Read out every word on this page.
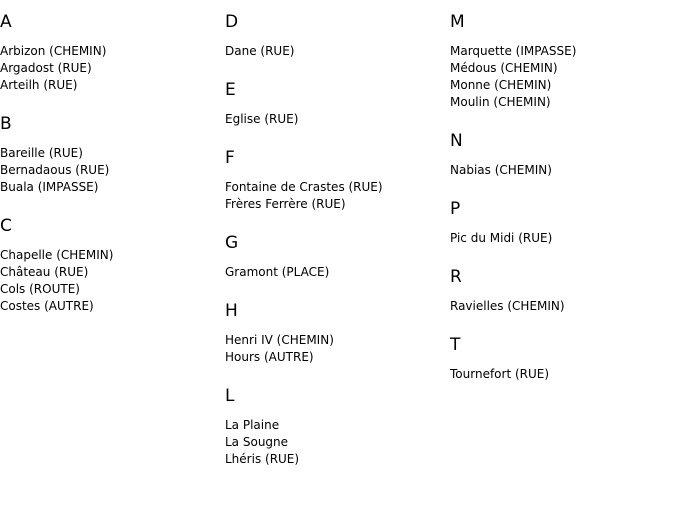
A
Arbizon (CHEMIN)
Argadost (RUE)
Arteilh (RUE)
B
Bareille (RUE)
Bernadaous (RUE)
Buala (IMPASSE)
C
Chapelle (CHEMIN)
Château (RUE)
Cols (ROUTE)
Costes (AUTRE)
D
Dane (RUE)
E
Eglise (RUE)
F
Fontaine de Crastes (RUE)
Frères Ferrère (RUE)
G
Gramont (PLACE)
H
Henri IV (CHEMIN)
Hours (AUTRE)
L
La Plaine
La Sougne
Lhéris (RUE)
M
Marquette (IMPASSE)
Médous (CHEMIN)
Monne (CHEMIN)
Moulin (CHEMIN)
N
Nabias (CHEMIN)
P
Pic du Midi (RUE)
R
Ravielles (CHEMIN)
T
Tournefort (RUE)
